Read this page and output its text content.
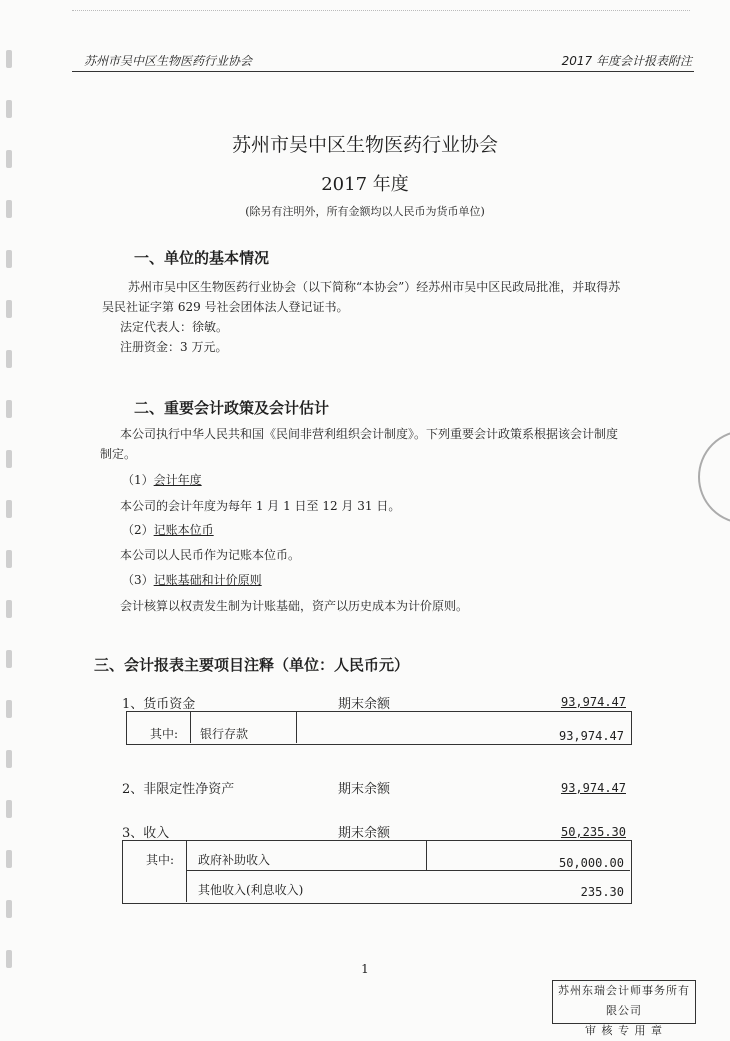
苏州市吴中区生物医药行业协会	2017 年度会计报表附注
苏州市吴中区生物医药行业协会
2017 年度
(除另有注明外，所有金额均以人民币为货币单位)
一、单位的基本情况
苏州市吴中区生物医药行业协会（以下简称“本协会”）经苏州市吴中区民政局批准，并取得苏
吴民社证字第 629 号社会团体法人登记证书。
法定代表人：徐敏。
注册资金：3 万元。
二、重要会计政策及会计估计
本公司执行中华人民共和国《民间非营利组织会计制度》。下列重要会计政策系根据该会计制度
制定。
（1）会计年度
本公司的会计年度为每年 1 月 1 日至 12 月 31 日。
（2）记账本位币
本公司以人民币作为记账本位币。
（3）记账基础和计价原则
会计核算以权责发生制为计账基础，资产以历史成本为计价原则。
三、会计报表主要项目注释（单位：人民币元）
1、货币资金	期末余额	93,974.47
其中: 银行存款	93,974.47
2、非限定性净资产	期末余额	93,974.47
3、收入	期末余额	50,235.30
其中: 政府补助收入	50,000.00
其他收入(利息收入)	235.30
1
苏州东瑞会计师事务所有限公司
审 核 专 用 章
